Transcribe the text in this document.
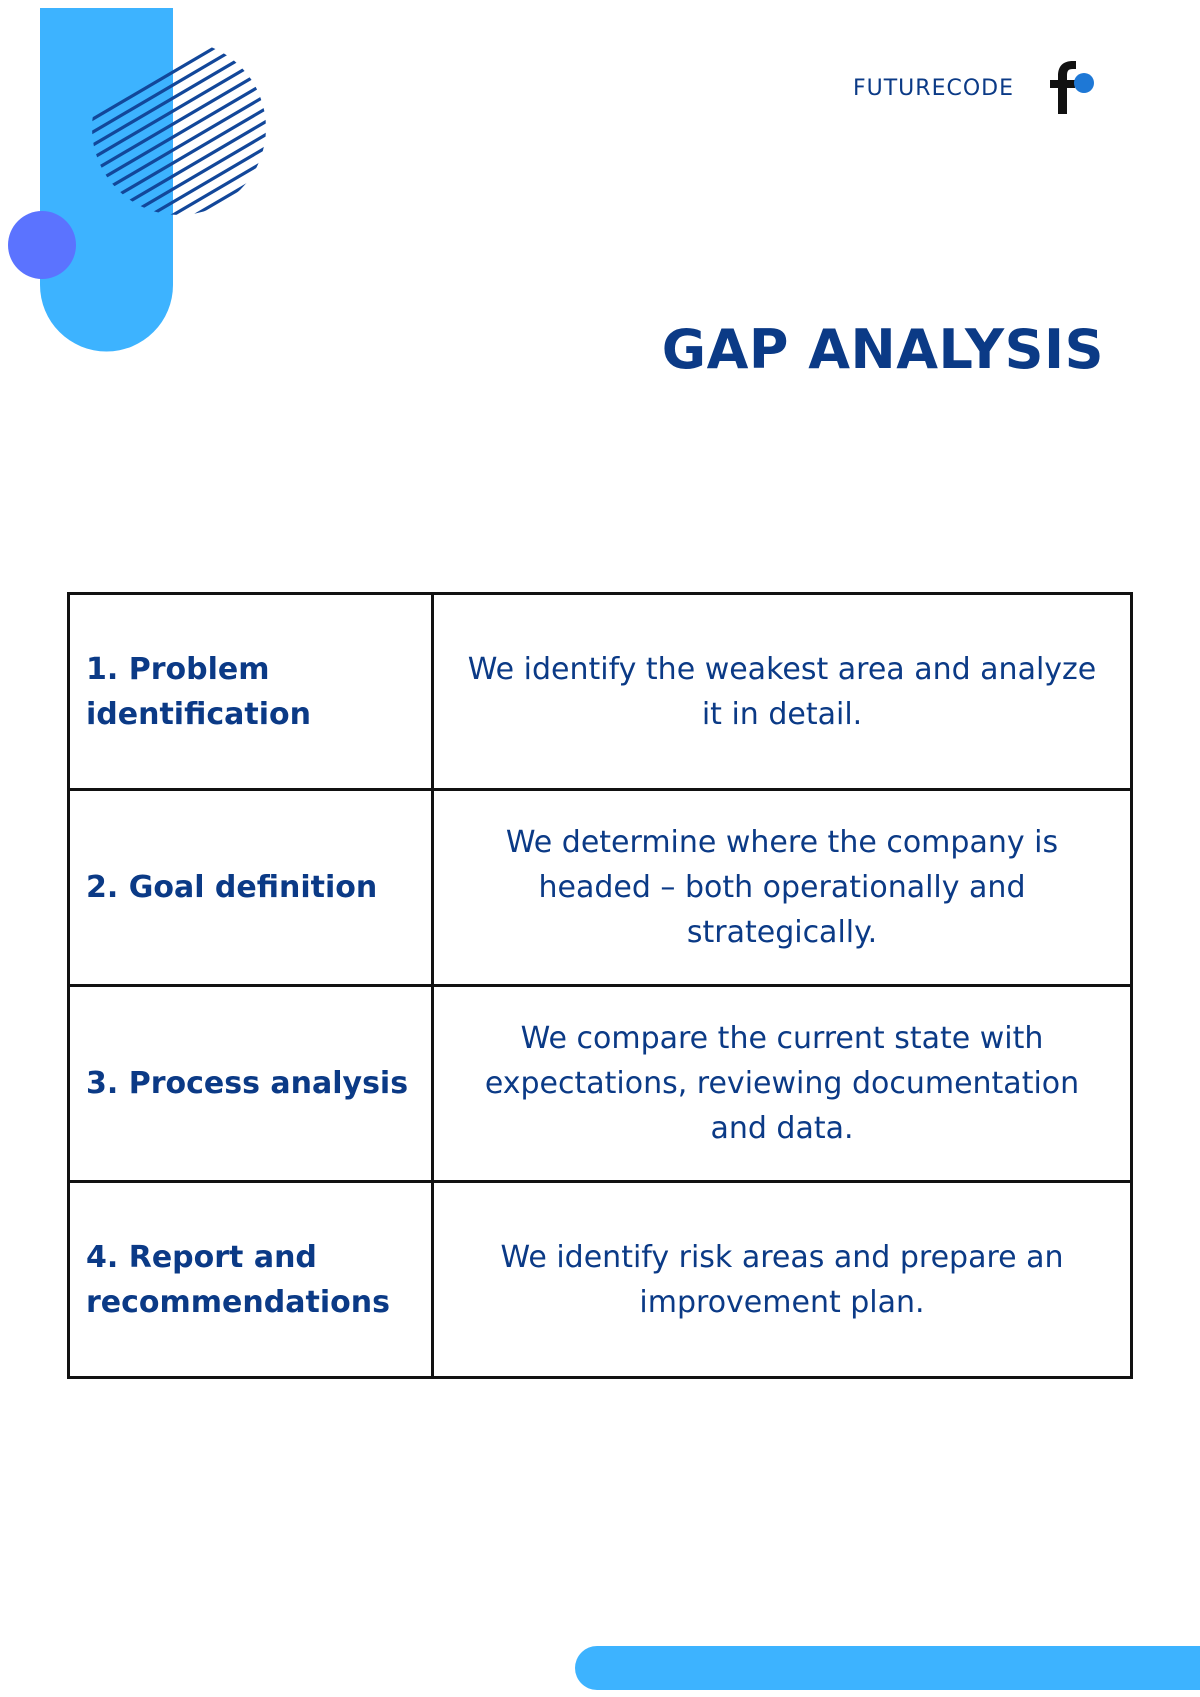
FUTURECODE
GAP ANALYSIS
1. Problem identification	We identify the weakest area and analyze it in detail.
2. Goal definition	We determine where the company is headed – both operationally and strategically.
3. Process analysis	We compare the current state with expectations, reviewing documentation and data.
4. Report and recommendations	We identify risk areas and prepare an improvement plan.
